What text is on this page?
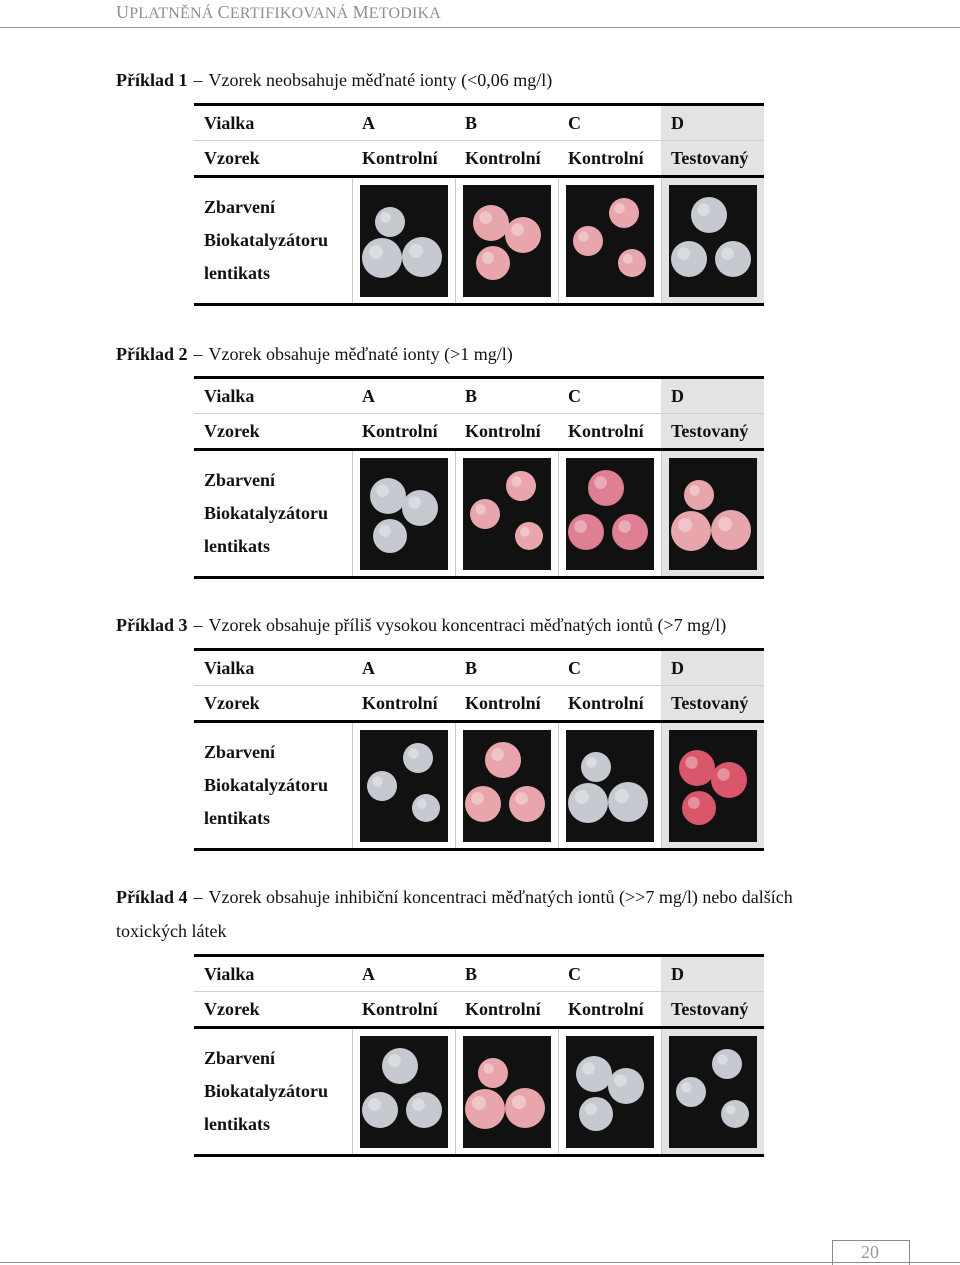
UPLATNĚNÁ CERTIFIKOVANÁ METODIKA
Příklad 1 – Vzorek neobsahuje měďnaté ionty (<0,06 mg/l)
Vialka	A	B	C	D
Vzorek	Kontrolní	Kontrolní	Kontrolní	Testovaný

Zbarvení
Biokatalyzátoru
lentikats

Příklad 2 – Vzorek obsahuje měďnaté ionty (>1 mg/l)
Vialka	A	B	C	D
Vzorek	Kontrolní	Kontrolní	Kontrolní	Testovaný

Zbarvení
Biokatalyzátoru
lentikats

Příklad 3 – Vzorek obsahuje příliš vysokou koncentraci měďnatých iontů (>7 mg/l)
Vialka	A	B	C	D
Vzorek	Kontrolní	Kontrolní	Kontrolní	Testovaný

Zbarvení
Biokatalyzátoru
lentikats

Příklad 4 – Vzorek obsahuje inhibiční koncentraci měďnatých iontů (>>7 mg/l) nebo dalších toxických látek
Vialka	A	B	C	D
Vzorek	Kontrolní	Kontrolní	Kontrolní	Testovaný

Zbarvení
Biokatalyzátoru
lentikats

20
